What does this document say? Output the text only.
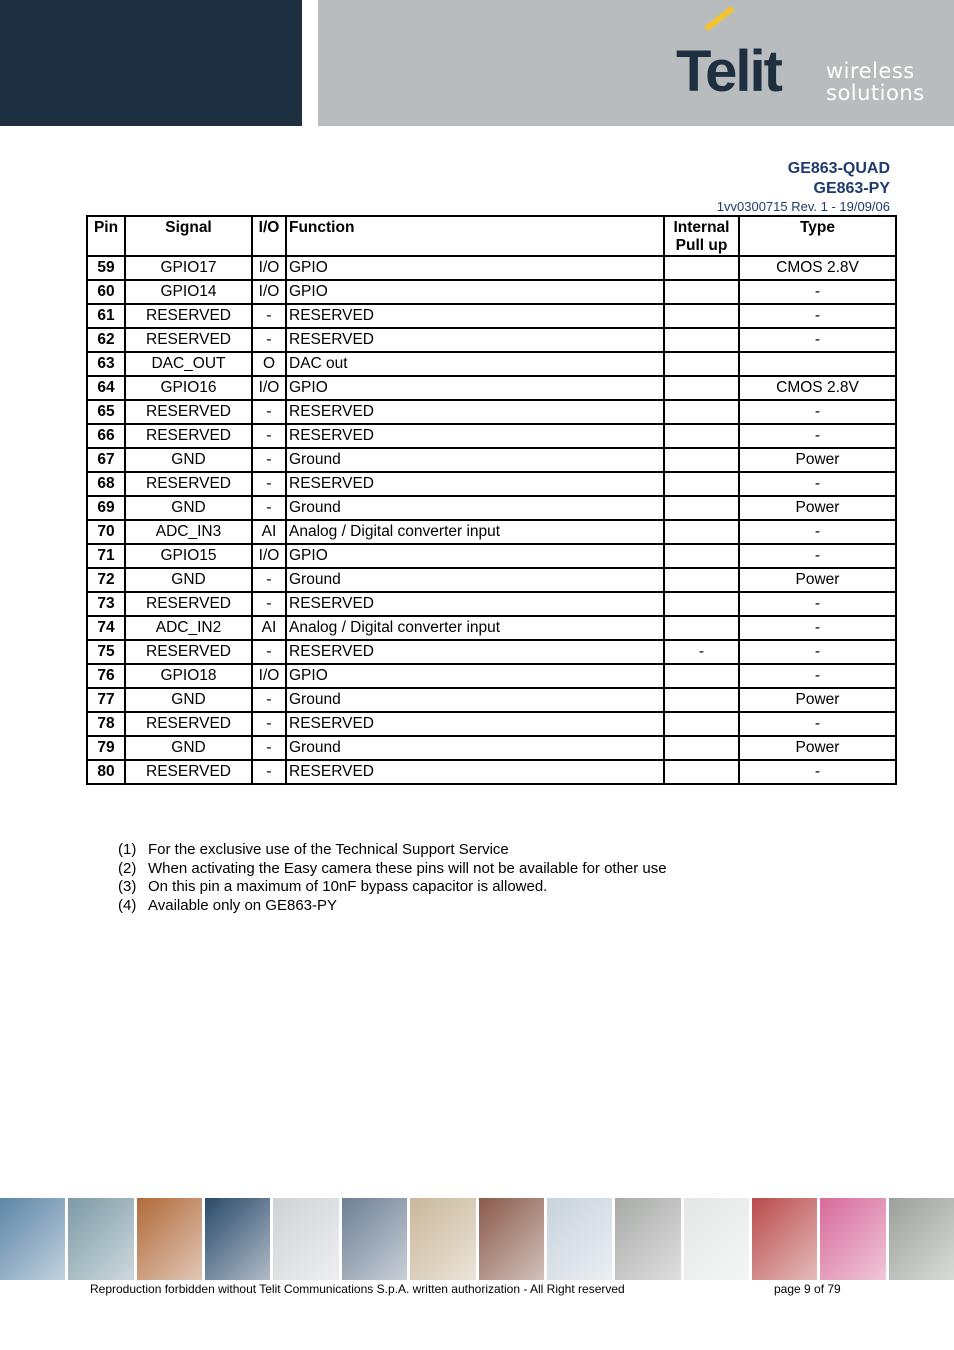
Telit wireless
solutions
GE863-QUAD
GE863-PY
1vv0300715 Rev. 1 - 19/09/06
Pin	Signal	I/O	Function	Internal Pull up	Type
59	GPIO17	I/O	GPIO		CMOS 2.8V
60	GPIO14	I/O	GPIO		-
61	RESERVED	-	RESERVED		-
62	RESERVED	-	RESERVED		-
63	DAC_OUT	O	DAC out		
64	GPIO16	I/O	GPIO		CMOS 2.8V
65	RESERVED	-	RESERVED		-
66	RESERVED	-	RESERVED		-
67	GND	-	Ground		Power
68	RESERVED	-	RESERVED		-
69	GND	-	Ground		Power
70	ADC_IN3	AI	Analog / Digital converter input		-
71	GPIO15	I/O	GPIO		-
72	GND	-	Ground		Power
73	RESERVED	-	RESERVED		-
74	ADC_IN2	AI	Analog / Digital converter input		-
75	RESERVED	-	RESERVED	-	-
76	GPIO18	I/O	GPIO		-
77	GND	-	Ground		Power
78	RESERVED	-	RESERVED		-
79	GND	-	Ground		Power
80	RESERVED	-	RESERVED		-
(1) For the exclusive use of the Technical Support Service
(2) When activating the Easy camera these pins will not be available for other use
(3) On this pin a maximum of 10nF bypass capacitor is allowed.
(4) Available only on GE863-PY
Reproduction forbidden without Telit Communications S.p.A. written authorization - All Right reserved	page 9 of 79
